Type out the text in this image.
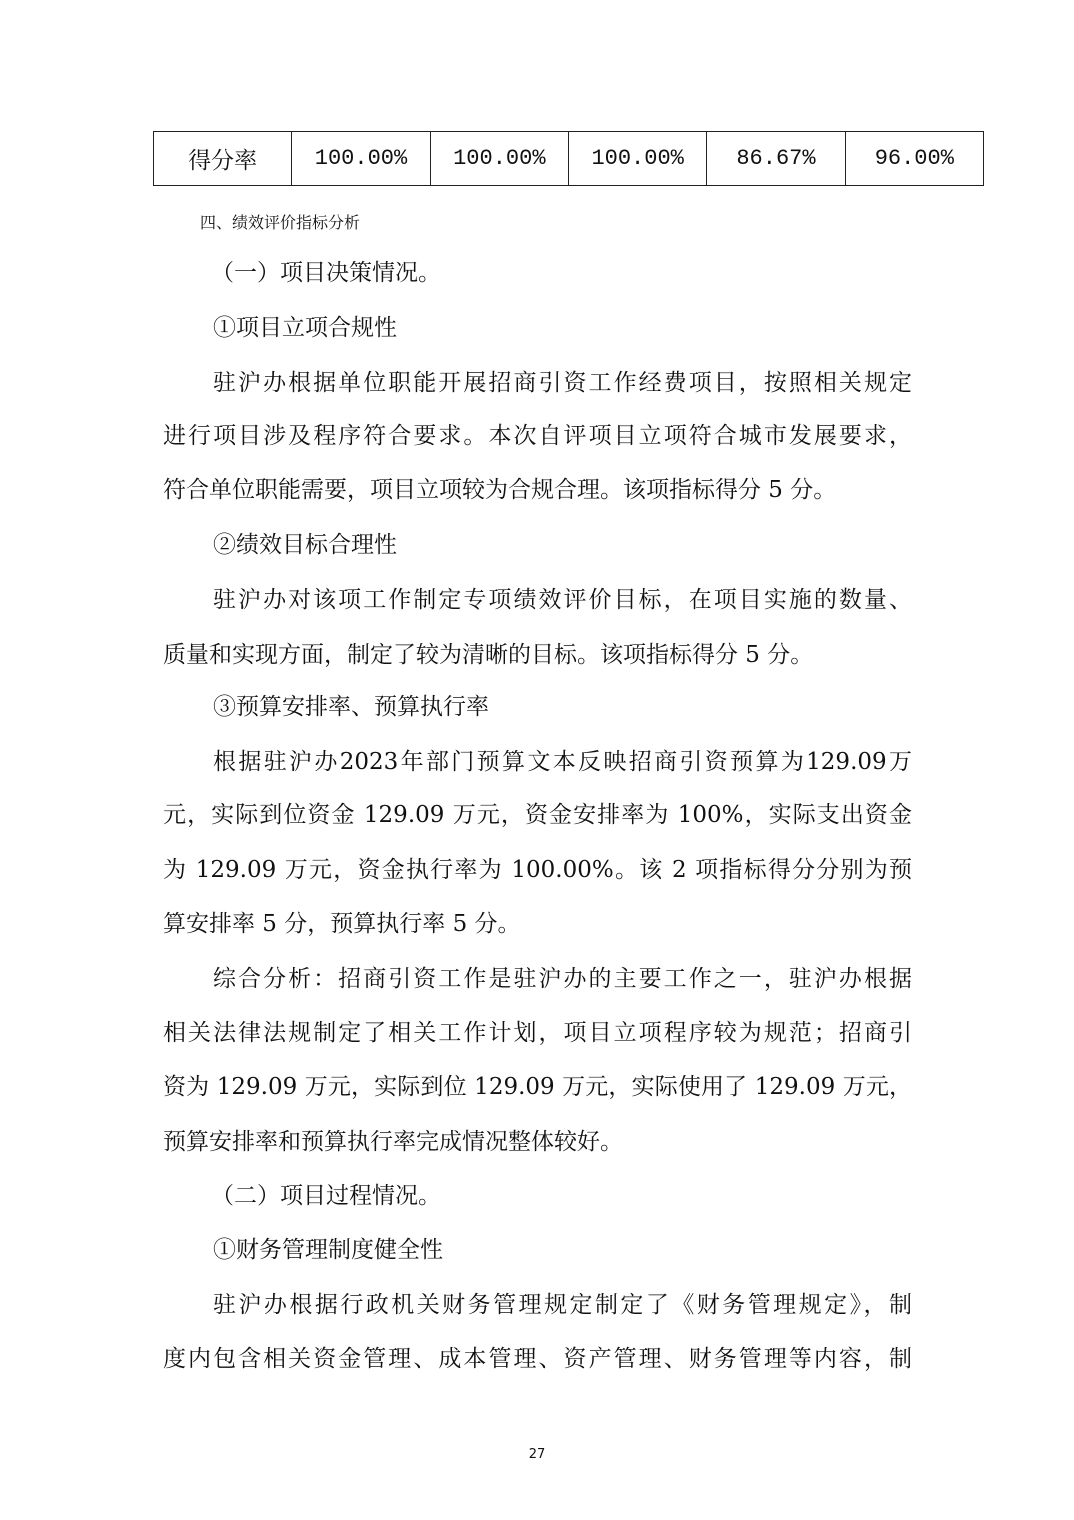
得分率	100.00%	100.00%	100.00%	86.67%	96.00%
四、绩效评价指标分析
（一）项目决策情况。
①项目立项合规性
驻沪办根据单位职能开展招商引资工作经费项目，按照相关规定
进行项目涉及程序符合要求。本次自评项目立项符合城市发展要求，
符合单位职能需要，项目立项较为合规合理。该项指标得分 5 分。
②绩效目标合理性
驻沪办对该项工作制定专项绩效评价目标，在项目实施的数量、
质量和实现方面，制定了较为清晰的目标。该项指标得分 5 分。
③预算安排率、预算执行率
根据驻沪办2023年部门预算文本反映招商引资预算为129.09万
元，实际到位资金 129.09 万元，资金安排率为 100%，实际支出资金
为 129.09 万元，资金执行率为 100.00%。该 2 项指标得分分别为预
算安排率 5 分，预算执行率 5 分。
综合分析：招商引资工作是驻沪办的主要工作之一，驻沪办根据
相关法律法规制定了相关工作计划，项目立项程序较为规范；招商引
资为 129.09 万元，实际到位 129.09 万元，实际使用了 129.09 万元，
预算安排率和预算执行率完成情况整体较好。
（二）项目过程情况。
①财务管理制度健全性
驻沪办根据行政机关财务管理规定制定了《财务管理规定》，制
度内包含相关资金管理、成本管理、资产管理、财务管理等内容，制
27
